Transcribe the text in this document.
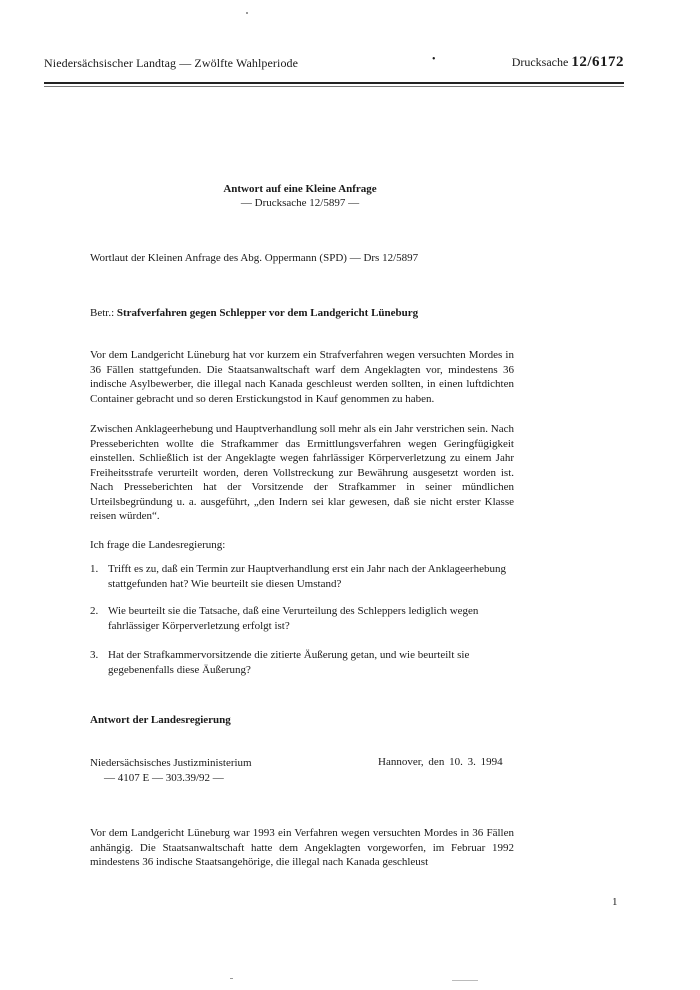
Niedersächsischer Landtag — Zwölfte Wahlperiode	•	Drucksache 12/6172
Antwort auf eine Kleine Anfrage
— Drucksache 12/5897 —
Wortlaut der Kleinen Anfrage des Abg. Oppermann (SPD) — Drs 12/5897
Betr.: Strafverfahren gegen Schlepper vor dem Landgericht Lüneburg
Vor dem Landgericht Lüneburg hat vor kurzem ein Strafverfahren wegen versuchten Mordes in 36 Fällen stattgefunden. Die Staatsanwaltschaft warf dem Angeklagten vor, mindestens 36 indische Asylbewerber, die illegal nach Kanada geschleust werden sollten, in einen luftdichten Container gebracht und so deren Erstickungstod in Kauf genommen zu haben.
Zwischen Anklageerhebung und Hauptverhandlung soll mehr als ein Jahr verstrichen sein. Nach Presseberichten wollte die Strafkammer das Ermittlungsverfahren wegen Geringfügigkeit einstellen. Schließlich ist der Angeklagte wegen fahrlässiger Körperverletzung zu einem Jahr Freiheitsstrafe verurteilt worden, deren Vollstreckung zur Bewährung ausgesetzt worden ist. Nach Presseberichten hat der Vorsitzende der Strafkammer in seiner mündlichen Urteilsbegründung u. a. ausgeführt, „den Indern sei klar gewesen, daß sie nicht erster Klasse reisen würden“.
Ich frage die Landesregierung:
1. Trifft es zu, daß ein Termin zur Hauptverhandlung erst ein Jahr nach der Anklageerhebung stattgefunden hat? Wie beurteilt sie diesen Umstand?
2. Wie beurteilt sie die Tatsache, daß eine Verurteilung des Schleppers lediglich wegen fahrlässiger Körperverletzung erfolgt ist?
3. Hat der Strafkammervorsitzende die zitierte Äußerung getan, und wie beurteilt sie gegebenenfalls diese Äußerung?
Antwort der Landesregierung
Niedersächsisches Justizministerium
— 4107 E — 303.39/92 —
Hannover, den 10. 3. 1994
Vor dem Landgericht Lüneburg war 1993 ein Verfahren wegen versuchten Mordes in 36 Fällen anhängig. Die Staatsanwaltschaft hatte dem Angeklagten vorgeworfen, im Februar 1992 mindestens 36 indische Staatsangehörige, die illegal nach Kanada geschleust
1
